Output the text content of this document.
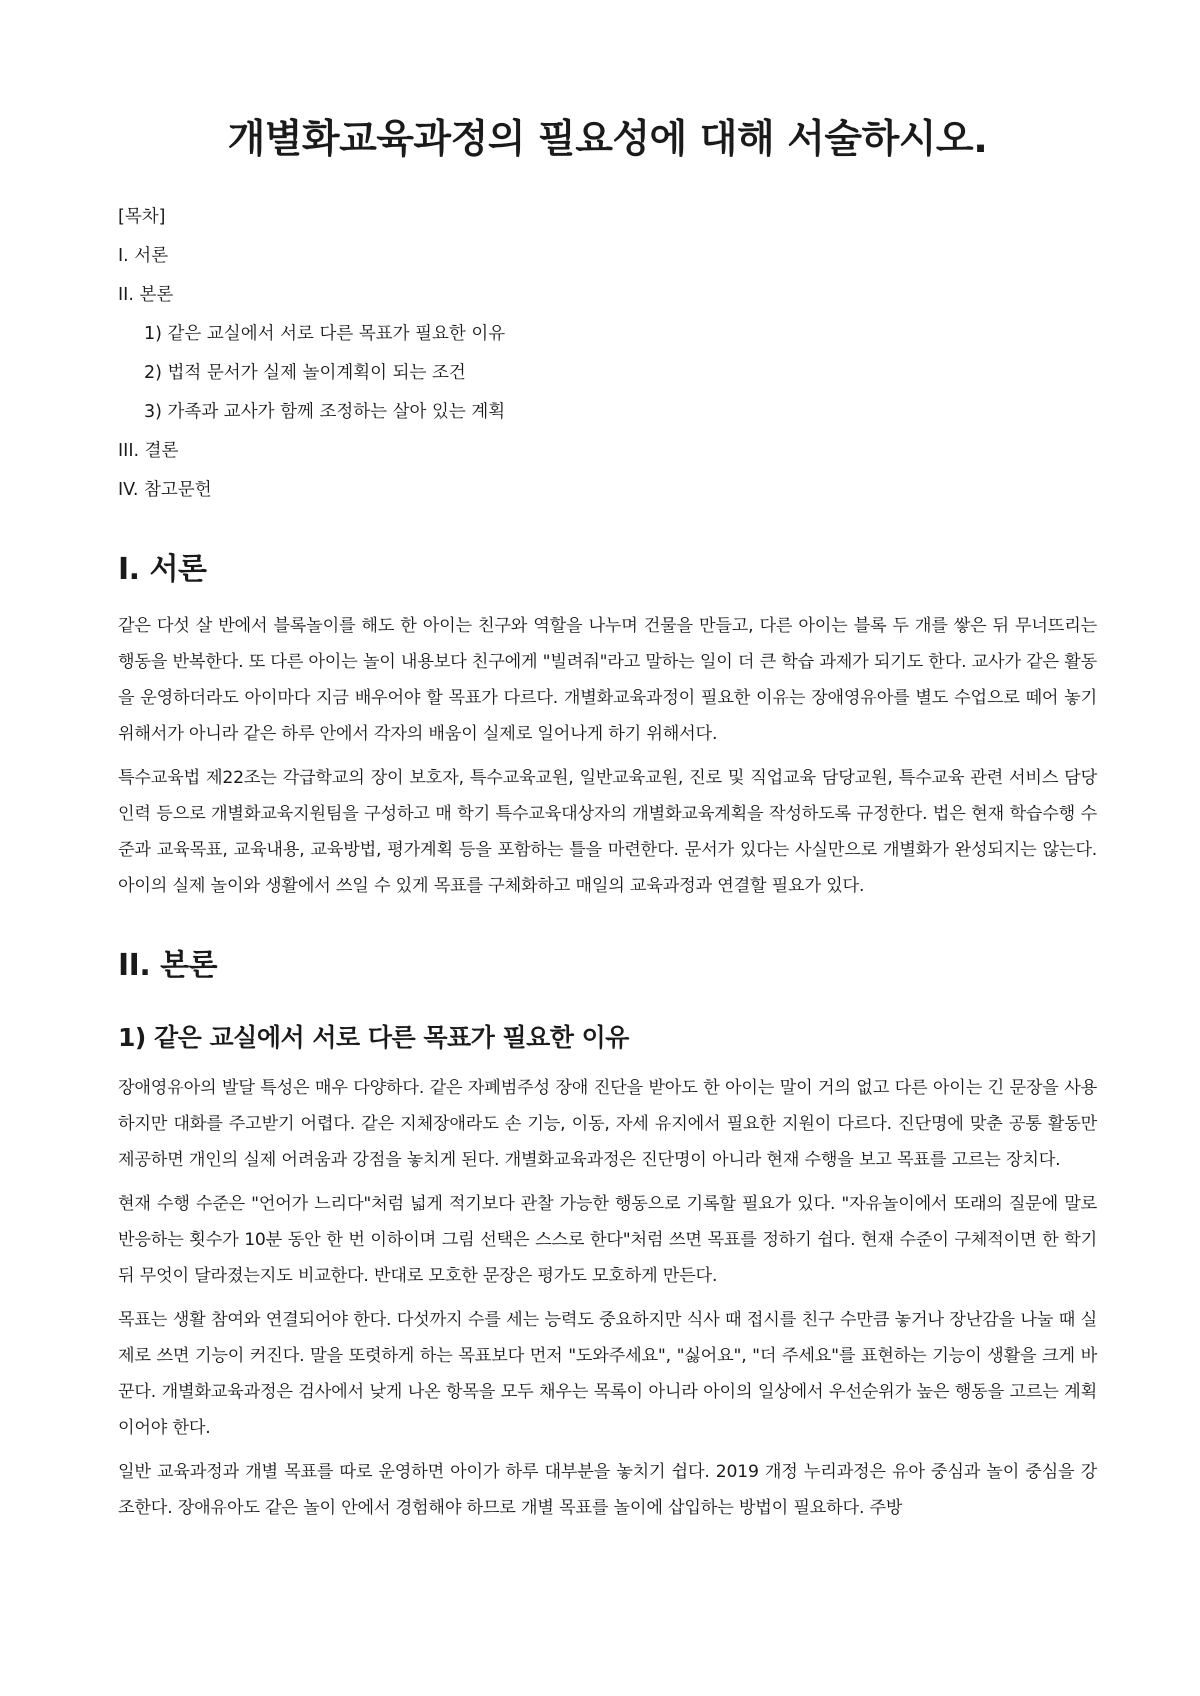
개별화교육과정의 필요성에 대해 서술하시오.
[목차]
I. 서론
II. 본론
1) 같은 교실에서 서로 다른 목표가 필요한 이유
2) 법적 문서가 실제 놀이계획이 되는 조건
3) 가족과 교사가 함께 조정하는 살아 있는 계획
III. 결론
IV. 참고문헌
I. 서론

같은 다섯 살 반에서 블록놀이를 해도 한 아이는 친구와 역할을 나누며 건물을 만들고, 다른 아이는 블록 두 개를 쌓은 뒤 무너뜨리는 행동을 반복한다. 또 다른 아이는 놀이 내용보다 친구에게 "빌려줘"라고 말하는 일이 더 큰 학습 과제가 되기도 한다. 교사가 같은 활동을 운영하더라도 아이마다 지금 배우어야 할 목표가 다르다. 개별화교육과정이 필요한 이유는 장애영유아를 별도 수업으로 떼어 놓기 위해서가 아니라 같은 하루 안에서 각자의 배움이 실제로 일어나게 하기 위해서다.

특수교육법 제22조는 각급학교의 장이 보호자, 특수교육교원, 일반교육교원, 진로 및 직업교육 담당교원, 특수교육 관련 서비스 담당인력 등으로 개별화교육지원팀을 구성하고 매 학기 특수교육대상자의 개별화교육계획을 작성하도록 규정한다. 법은 현재 학습수행 수준과 교육목표, 교육내용, 교육방법, 평가계획 등을 포함하는 틀을 마련한다. 문서가 있다는 사실만으로 개별화가 완성되지는 않는다. 아이의 실제 놀이와 생활에서 쓰일 수 있게 목표를 구체화하고 매일의 교육과정과 연결할 필요가 있다.

II. 본론
1) 같은 교실에서 서로 다른 목표가 필요한 이유

장애영유아의 발달 특성은 매우 다양하다. 같은 자폐범주성 장애 진단을 받아도 한 아이는 말이 거의 없고 다른 아이는 긴 문장을 사용하지만 대화를 주고받기 어렵다. 같은 지체장애라도 손 기능, 이동, 자세 유지에서 필요한 지원이 다르다. 진단명에 맞춘 공통 활동만 제공하면 개인의 실제 어려움과 강점을 놓치게 된다. 개별화교육과정은 진단명이 아니라 현재 수행을 보고 목표를 고르는 장치다.

현재 수행 수준은 "언어가 느리다"처럼 넓게 적기보다 관찰 가능한 행동으로 기록할 필요가 있다. "자유놀이에서 또래의 질문에 말로 반응하는 횟수가 10분 동안 한 번 이하이며 그림 선택은 스스로 한다"처럼 쓰면 목표를 정하기 쉽다. 현재 수준이 구체적이면 한 학기 뒤 무엇이 달라졌는지도 비교한다. 반대로 모호한 문장은 평가도 모호하게 만든다.

목표는 생활 참여와 연결되어야 한다. 다섯까지 수를 세는 능력도 중요하지만 식사 때 접시를 친구 수만큼 놓거나 장난감을 나눌 때 실제로 쓰면 기능이 커진다. 말을 또렷하게 하는 목표보다 먼저 "도와주세요", "싫어요", "더 주세요"를 표현하는 기능이 생활을 크게 바꾼다. 개별화교육과정은 검사에서 낮게 나온 항목을 모두 채우는 목록이 아니라 아이의 일상에서 우선순위가 높은 행동을 고르는 계획이어야 한다.

일반 교육과정과 개별 목표를 따로 운영하면 아이가 하루 대부분을 놓치기 쉽다. 2019 개정 누리과정은 유아 중심과 놀이 중심을 강조한다. 장애유아도 같은 놀이 안에서 경험해야 하므로 개별 목표를 놀이에 삽입하는 방법이 필요하다. 주방
